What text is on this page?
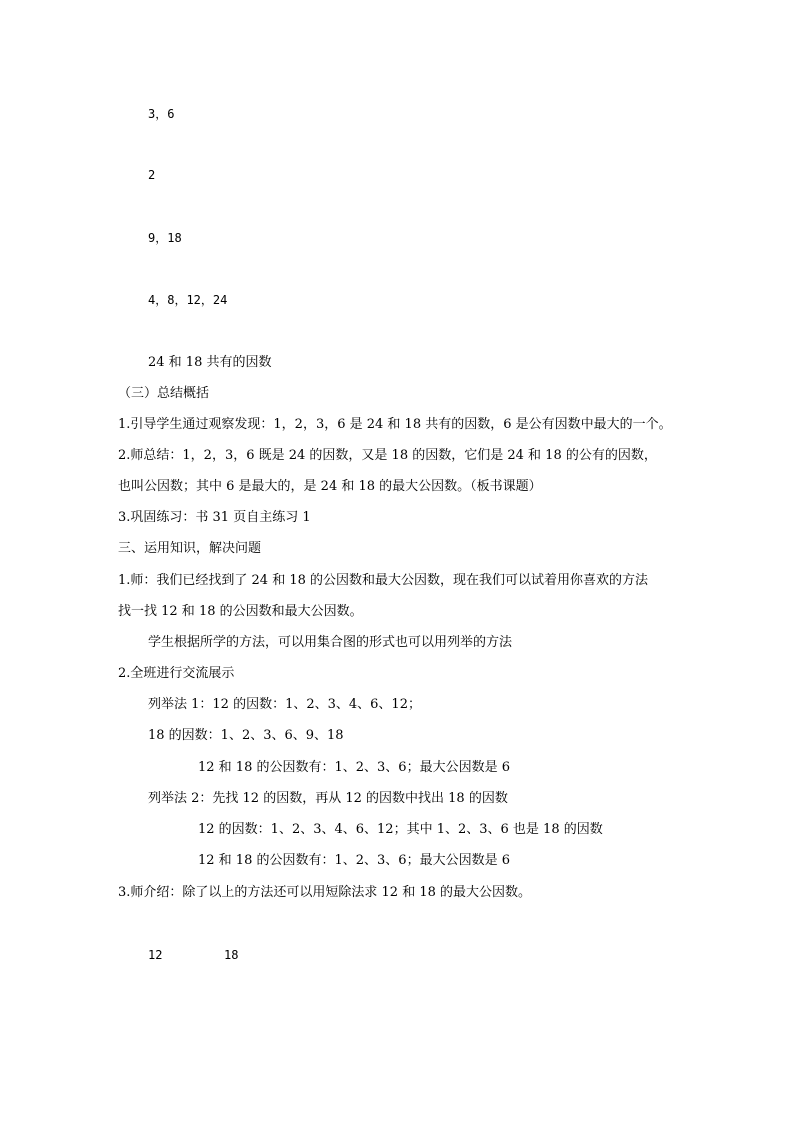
3，6
2
9，18
4，8，12，24
24 和 18 共有的因数
（三）总结概括
1.引导学生通过观察发现：1，2，3，6 是 24 和 18 共有的因数，6 是公有因数中最大的一个。
2.师总结：1，2，3，6 既是 24 的因数，又是 18 的因数，它们是 24 和 18 的公有的因数，
也叫公因数；其中 6 是最大的，是 24 和 18 的最大公因数。（板书课题）
3.巩固练习：书 31 页自主练习 1
三、运用知识，解决问题
1.师：我们已经找到了 24 和 18 的公因数和最大公因数，现在我们可以试着用你喜欢的方法
找一找 12 和 18 的公因数和最大公因数。
学生根据所学的方法，可以用集合图的形式也可以用列举的方法
2.全班进行交流展示
列举法 1：12 的因数：1、2、3、4、6、12；
18 的因数：1、2、3、6、9、18
12 和 18 的公因数有：1、2、3、6；最大公因数是 6
列举法 2：先找 12 的因数，再从 12 的因数中找出 18 的因数
12 的因数：1、2、3、4、6、12；其中 1、2、3、6 也是 18 的因数
12 和 18 的公因数有：1、2、3、6；最大公因数是 6
3.师介绍：除了以上的方法还可以用短除法求 12 和 18 的最大公因数。
12	18
